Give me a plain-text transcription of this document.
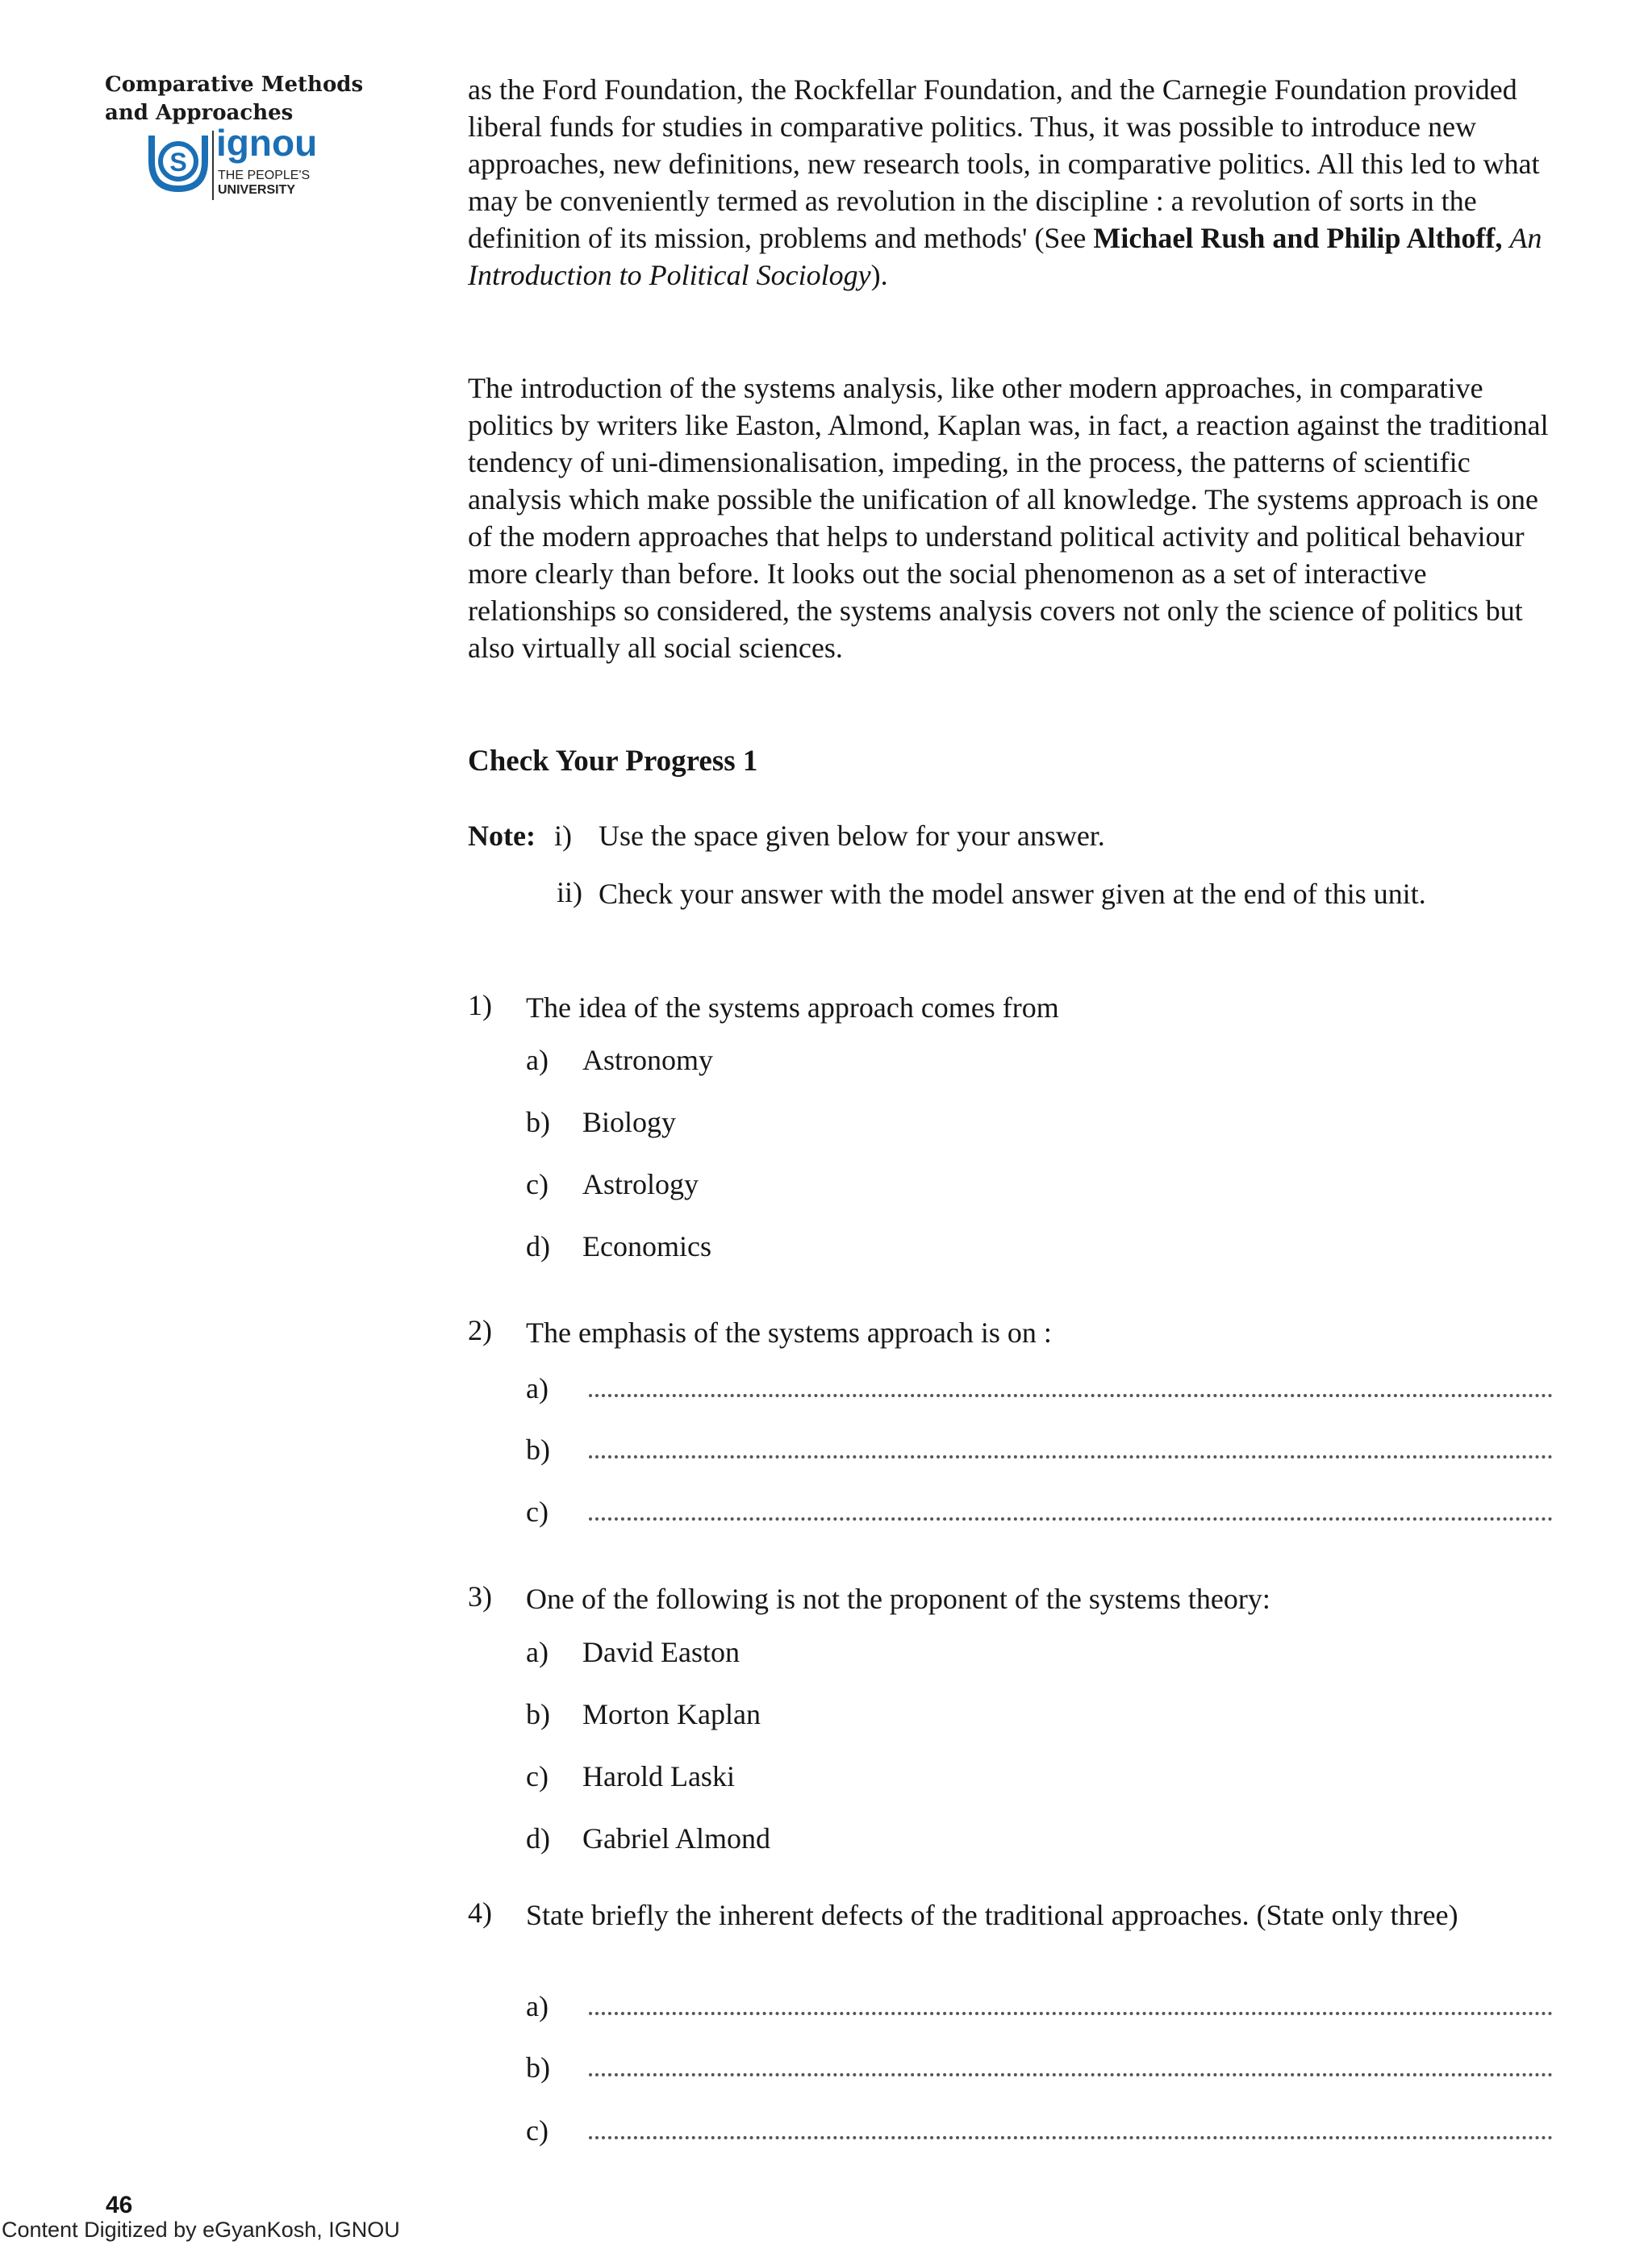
Comparative Methods and Approaches
S ignou
THE PEOPLE'S
UNIVERSITY

as the Ford Foundation, the Rockfellar Foundation, and the Carnegie Foundation provided liberal funds for studies in comparative politics. Thus, it was possible to introduce new approaches, new definitions, new research tools, in comparative politics. All this led to what may be conveniently termed as revolution in the discipline : a revolution of sorts in the definition of its mission, problems and methods' (See Michael Rush and Philip Althoff, An Introduction to Political Sociology).

The introduction of the systems analysis, like other modern approaches, in comparative politics by writers like Easton, Almond, Kaplan was, in fact, a reaction against the traditional tendency of uni-dimensionalisation, impeding, in the process, the patterns of scientific analysis which make possible the unification of all knowledge. The systems approach is one of the modern approaches that helps to understand political activity and political behaviour more clearly than before. It looks out the social phenomenon as a set of interactive relationships so considered, the systems analysis covers not only the science of politics but also virtually all social sciences.

Check Your Progress 1
Note: i) Use the space given below for your answer.
ii) Check your answer with the model answer given at the end of this unit.
1) The idea of the systems approach comes from
a) Astronomy
b) Biology
c) Astrology
d) Economics
2) The emphasis of the systems approach is on :
a)
b)
c)
3) One of the following is not the proponent of the systems theory:
a) David Easton
b) Morton Kaplan
c) Harold Laski
d) Gabriel Almond
4) State briefly the inherent defects of the traditional approaches. (State only three)
a)
b)
c)
46
Content Digitized by eGyanKosh, IGNOU
